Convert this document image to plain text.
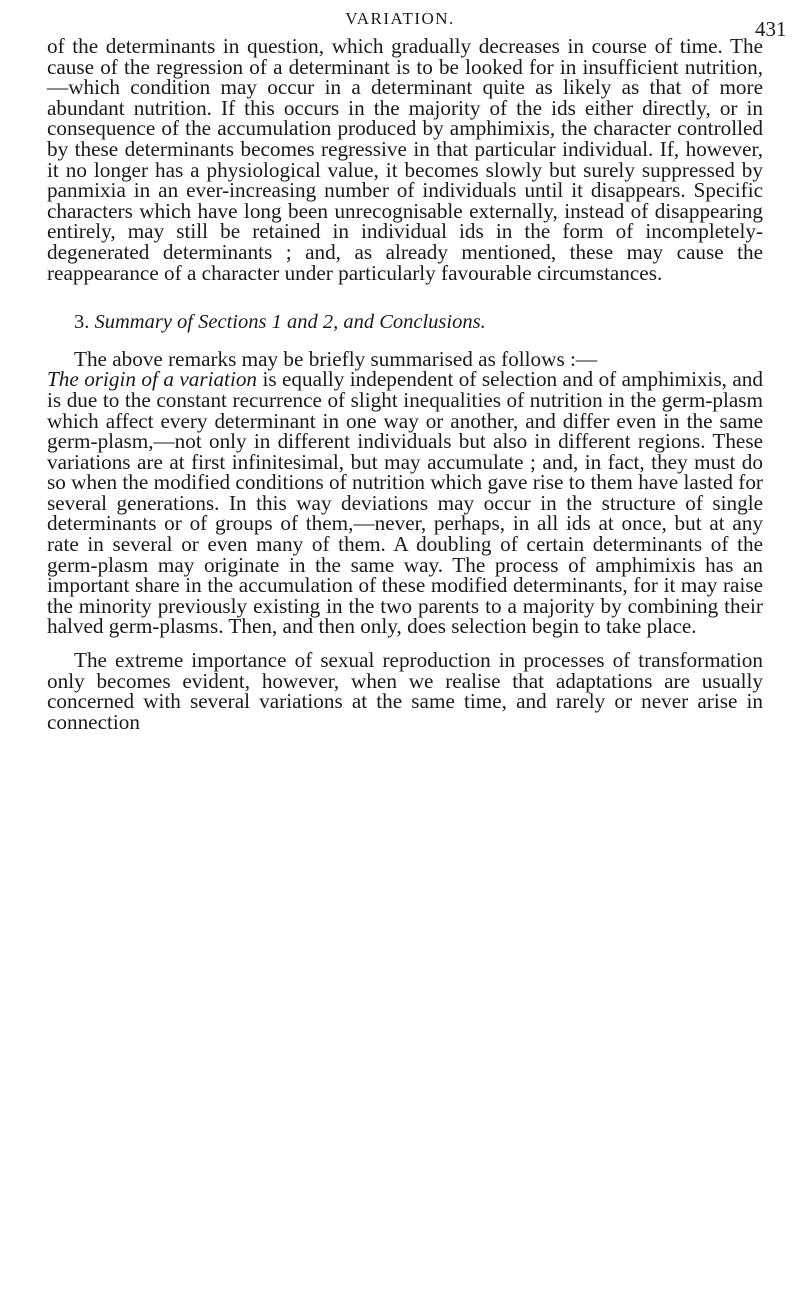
VARIATION.	431

of the determinants in question, which gradually decreases in course of time. The cause of the regression of a determinant is to be looked for in insufficient nutrition,—which condition may occur in a determinant quite as likely as that of more abundant nutrition. If this occurs in the majority of the ids either directly, or in consequence of the accumulation produced by amphimixis, the character controlled by these determinants becomes regressive in that particular individual. If, however, it no longer has a physiological value, it becomes slowly but surely suppressed by panmixia in an ever-increasing number of individuals until it disappears. Specific characters which have long been unrecognisable externally, instead of disappearing entirely, may still be retained in individual ids in the form of incompletely-degenerated determinants ; and, as already mentioned, these may cause the reappearance of a character under particularly favourable circumstances.

3. Summary of Sections 1 and 2, and Conclusions.

The above remarks may be briefly summarised as follows :—
The origin of a variation is equally independent of selection and of amphimixis, and is due to the constant recurrence of slight inequalities of nutrition in the germ-plasm which affect every determinant in one way or another, and differ even in the same germ-plasm,—not only in different individuals but also in different regions. These variations are at first infinitesimal, but may accumulate ; and, in fact, they must do so when the modified conditions of nutrition which gave rise to them have lasted for several generations. In this way deviations may occur in the structure of single determinants or of groups of them,—never, perhaps, in all ids at once, but at any rate in several or even many of them. A doubling of certain determinants of the germ-plasm may originate in the same way. The process of amphimixis has an important share in the accumulation of these modified determinants, for it may raise the minority previously existing in the two parents to a majority by combining their halved germ-plasms. Then, and then only, does selection begin to take place.

The extreme importance of sexual reproduction in processes of transformation only becomes evident, however, when we realise that adaptations are usually concerned with several variations at the same time, and rarely or never arise in connection
